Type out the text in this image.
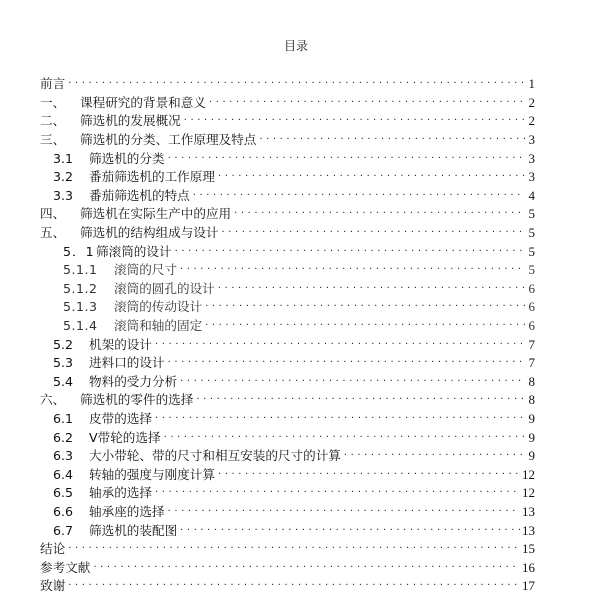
目录
前言 . . .	1
一、	课程研究的背景和意义 . . .	2
二、	筛选机的发展概况 . . .	2
三、	筛选机的分类、工作原理及特点 . . .	3
3.1	筛选机的分类 . . .	3
3.2	番茄筛选机的工作原理 . . .	3
3.3	番茄筛选机的特点 . . .	4
四、	筛选机在实际生产中的应用 . . .	5
五、	筛选机的结构组成与设计 . . .	5
5．1 筛滚筒的设计 . . .	5
5.1.1	滚筒的尺寸 . . .	5
5.1.2	滚筒的圆孔的设计 . . .	6
5.1.3	滚筒的传动设计 . . .	6
5.1.4	滚筒和轴的固定 . . .	6
5.2	机架的设计 . . .	7
5.3	进料口的设计 . . .	7
5.4	物料的受力分析 . . .	8
六、	筛选机的零件的选择 . . .	8
6.1	皮带的选择 . . .	9
6.2	V带轮的选择 . . .	9
6.3	大小带轮、带的尺寸和相互安装的尺寸的计算 . . .	9
6.4	转轴的强度与刚度计算 . . .	12
6.5	轴承的选择 . . .	12
6.6	轴承座的选择 . . .	13
6.7	筛选机的装配图 . . .	13
结论 . . .	15
参考文献 . . .	16
致谢 . . .	17
